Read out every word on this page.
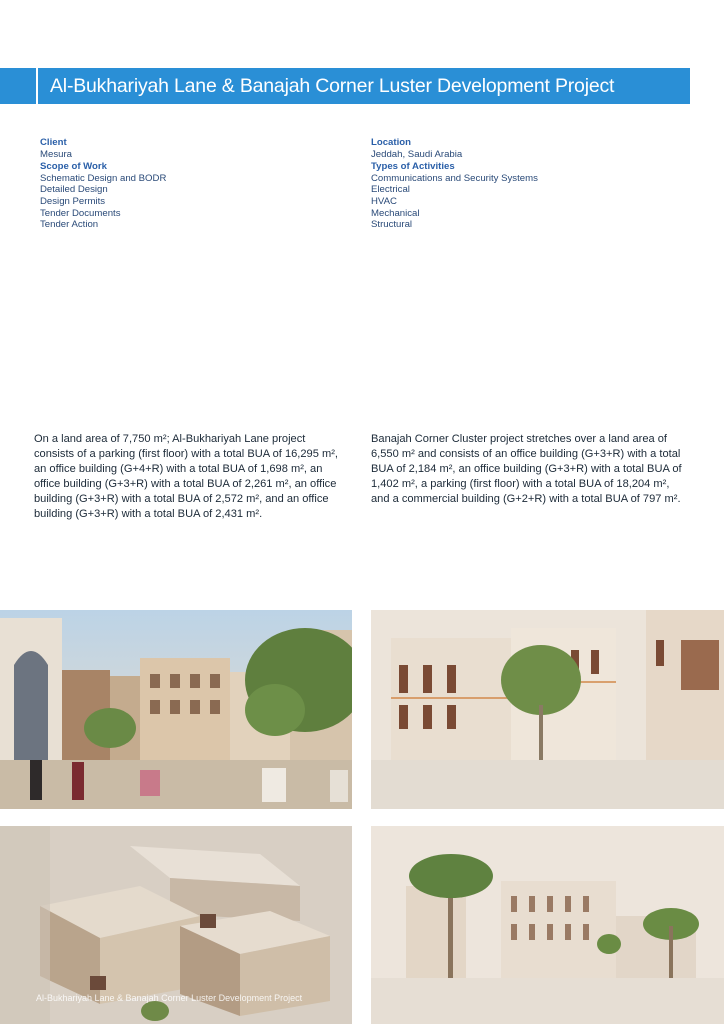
Al-Bukhariyah Lane & Banajah Corner Luster Development Project
Client
Mesura
Scope of Work
Schematic Design and BODR
Detailed Design
Design Permits
Tender Documents
Tender Action
Location
Jeddah, Saudi Arabia
Types of Activities
Communications and Security Systems
Electrical
HVAC
Mechanical
Structural
On a land area of 7,750 m²; Al-Bukhariyah Lane project consists of a parking (first floor) with a total BUA of 16,295 m², an office building (G+4+R) with a total BUA of 1,698 m², an office building (G+3+R) with a total BUA of 2,261 m², an office building (G+3+R) with a total BUA of 2,572 m², and an office building (G+3+R) with a total BUA of 2,431 m².
Banajah Corner Cluster project stretches over a land area of 6,550 m² and consists of an office building (G+3+R) with a total BUA of 2,184 m², an office building (G+3+R) with a total BUA of 1,402 m², a parking (first floor) with a total BUA of 18,204 m², and a commercial building (G+2+R) with a total BUA of 797 m².
Al-Bukhariyah Lane & Banajah Corner Luster Development Project
